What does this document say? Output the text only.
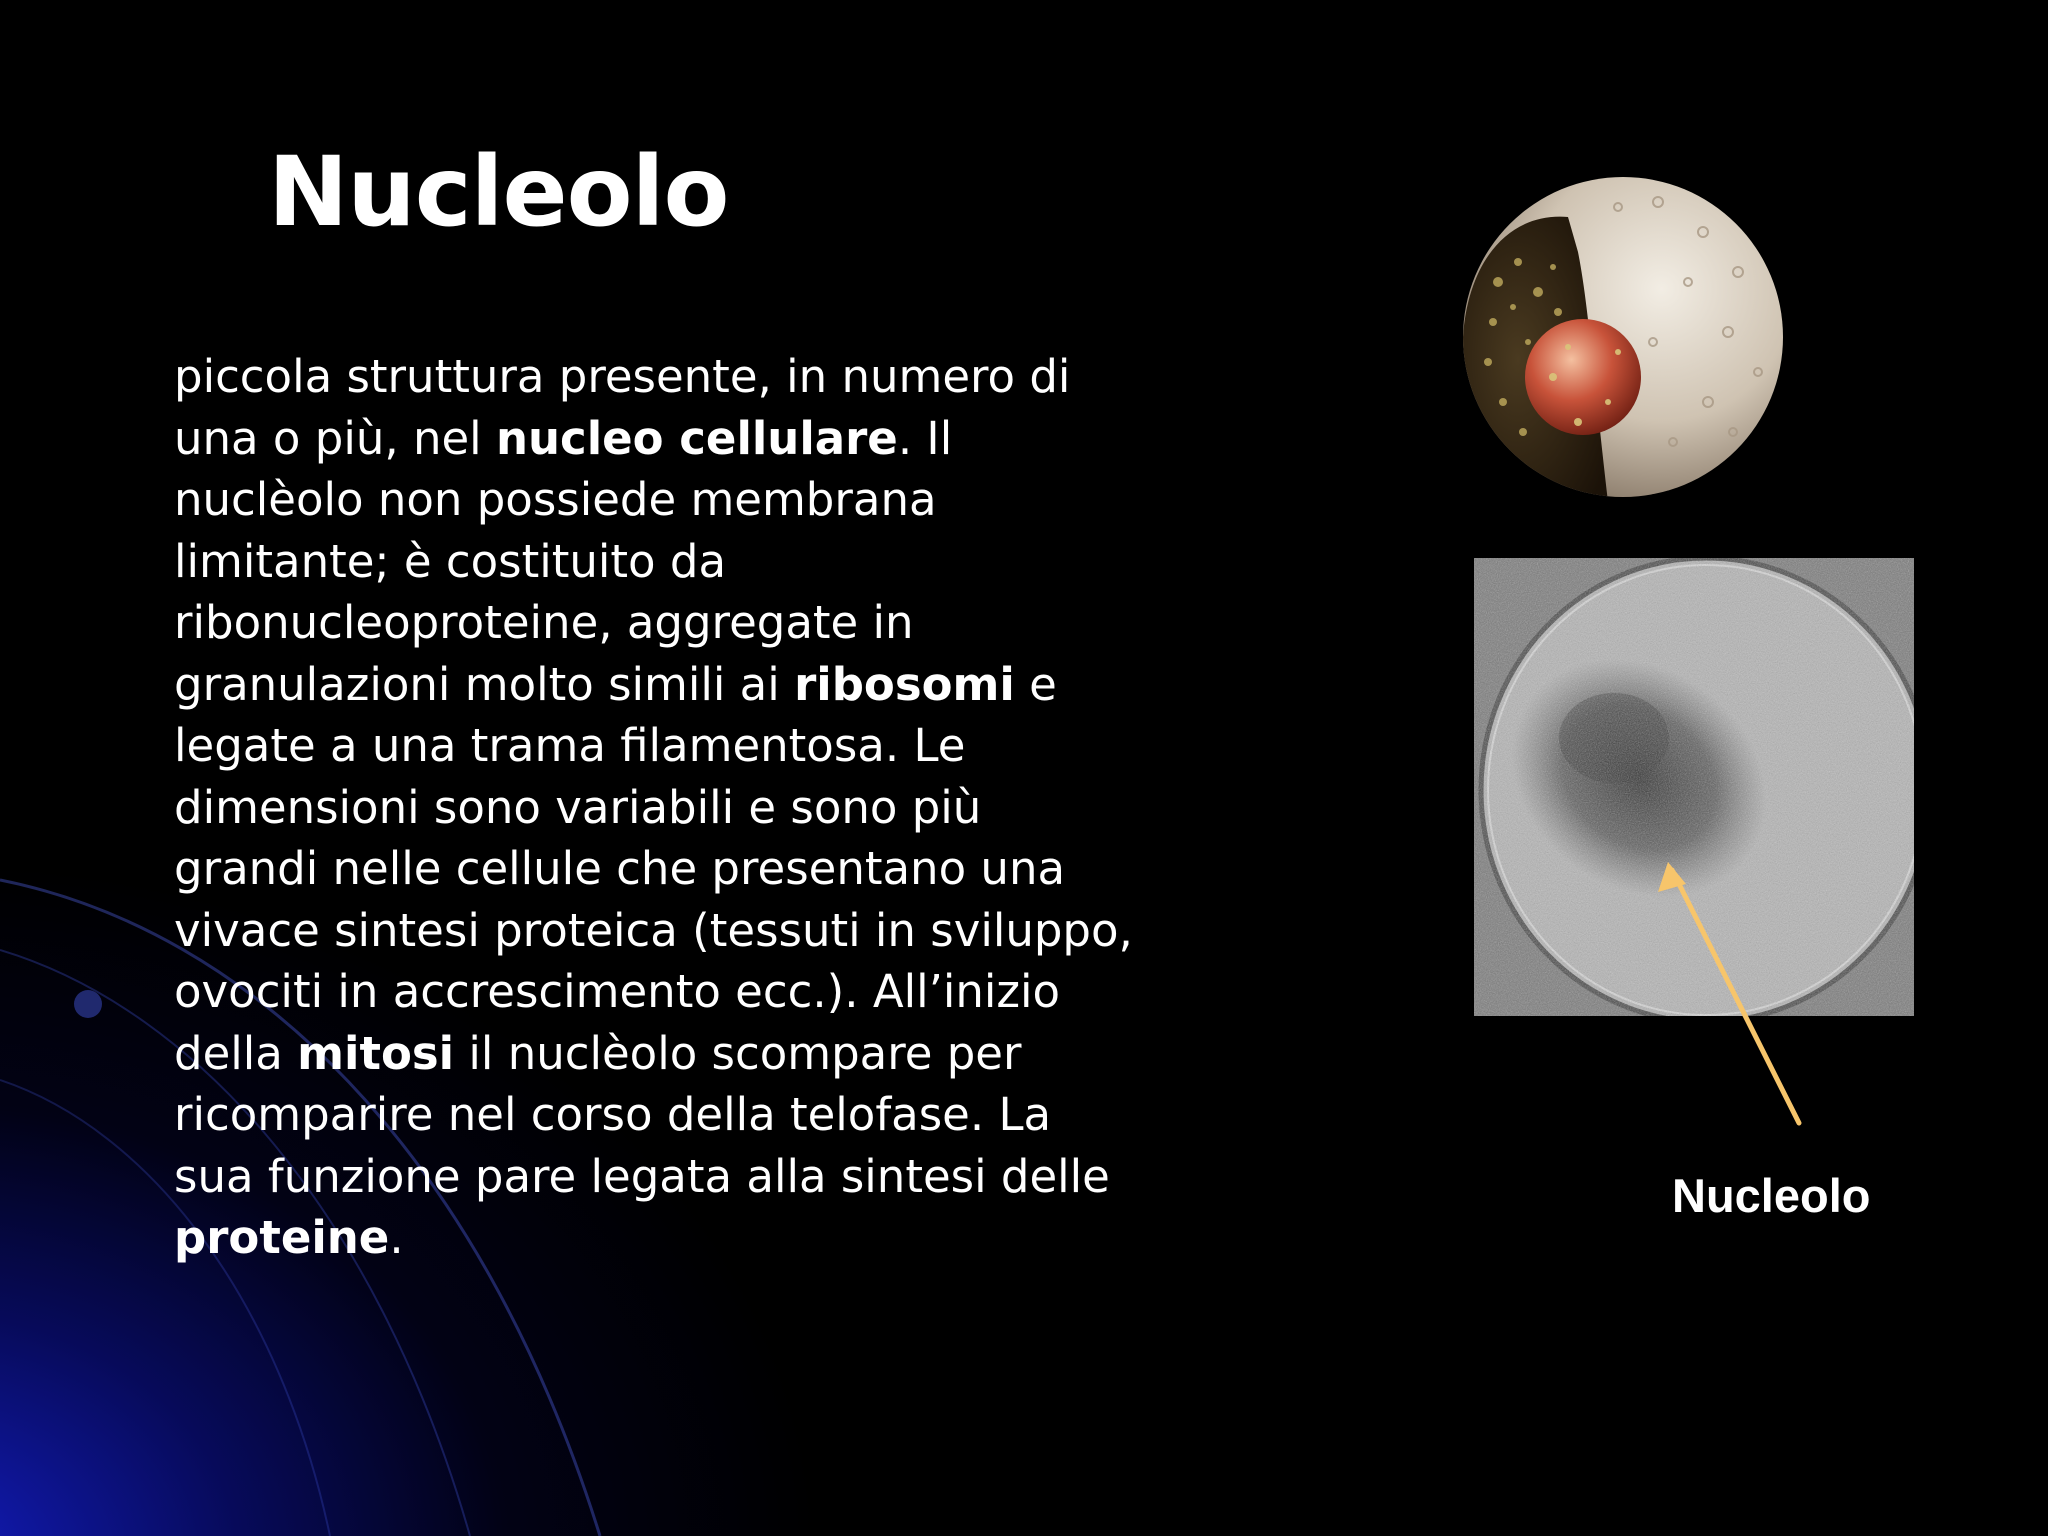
Nucleolo

piccola struttura presente, in numero di una o più, nel nucleo cellulare. Il nuclèolo non possiede membrana limitante; è costituito da ribonucleoproteine, aggregate in granulazioni molto simili ai ribosomi e legate a una trama filamentosa. Le dimensioni sono variabili e sono più grandi nelle cellule che presentano una vivace sintesi proteica (tessuti in sviluppo, ovociti in accrescimento ecc.). All’inizio della mitosi il nuclèolo scompare per ricomparire nel corso della telofase. La sua funzione pare legata alla sintesi delle proteine.

Nucleolo
